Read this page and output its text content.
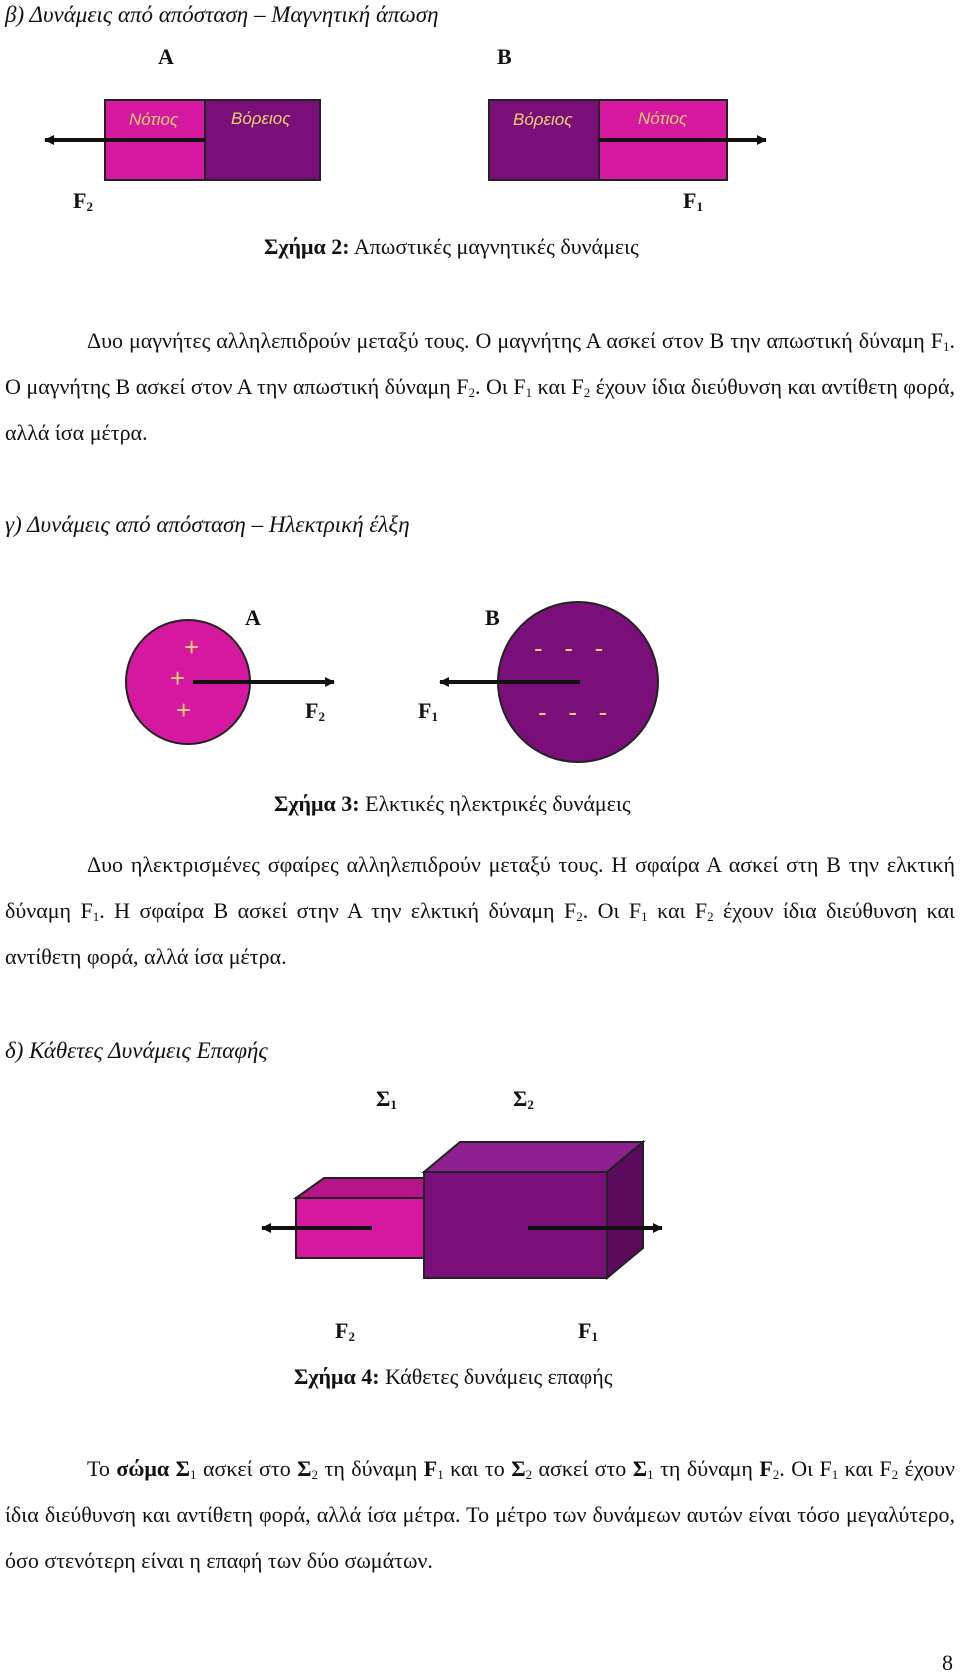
β) Δυνάμεις από απόσταση – Μαγνητική άπωση
Α	Β
Νότιος	Βόρειος	Βόρειος	Νότιος
$F_2$	$F_1$
Σχήμα 2: Απωστικές μαγνητικές δυνάμεις

Δυο μαγνήτες αλληλεπιδρούν μεταξύ τους. Ο μαγνήτης Α ασκεί στον Β την απωστική δύναμη $F_1$. Ο μαγνήτης Β ασκεί στον Α την απωστική δύναμη $F_2$. Οι $F_1$ και $F_2$ έχουν ίδια διεύθυνση και αντίθετη φορά, αλλά ίσα μέτρα.

γ) Δυνάμεις από απόσταση – Ηλεκτρική έλξη
Α	Β
+
+
+
-   -   -
-   -   -
$F_2$	$F_1$
Σχήμα 3: Ελκτικές ηλεκτρικές δυνάμεις

Δυο ηλεκτρισμένες σφαίρες αλληλεπιδρούν μεταξύ τους. Η σφαίρα Α ασκεί στη Β την ελκτική δύναμη $F_1$. Η σφαίρα Β ασκεί στην Α την ελκτική δύναμη $F_2$. Οι $F_1$ και $F_2$ έχουν ίδια διεύθυνση και αντίθετη φορά, αλλά ίσα μέτρα.

δ) Κάθετες Δυνάμεις Επαφής
$\Sigma_1$	$\Sigma_2$
$F_2$	$F_1$
Σχήμα 4: Κάθετες δυνάμεις επαφής

Το σώμα $\Sigma_1$ ασκεί στο $\Sigma_2$ τη δύναμη $F_1$ και το $\Sigma_2$ ασκεί στο $\Sigma_1$ τη δύναμη $F_2$. Οι $F_1$ και $F_2$ έχουν ίδια διεύθυνση και αντίθετη φορά, αλλά ίσα μέτρα. Το μέτρο των δυνάμεων αυτών είναι τόσο μεγαλύτερο, όσο στενότερη είναι η επαφή των δύο σωμάτων.

8
